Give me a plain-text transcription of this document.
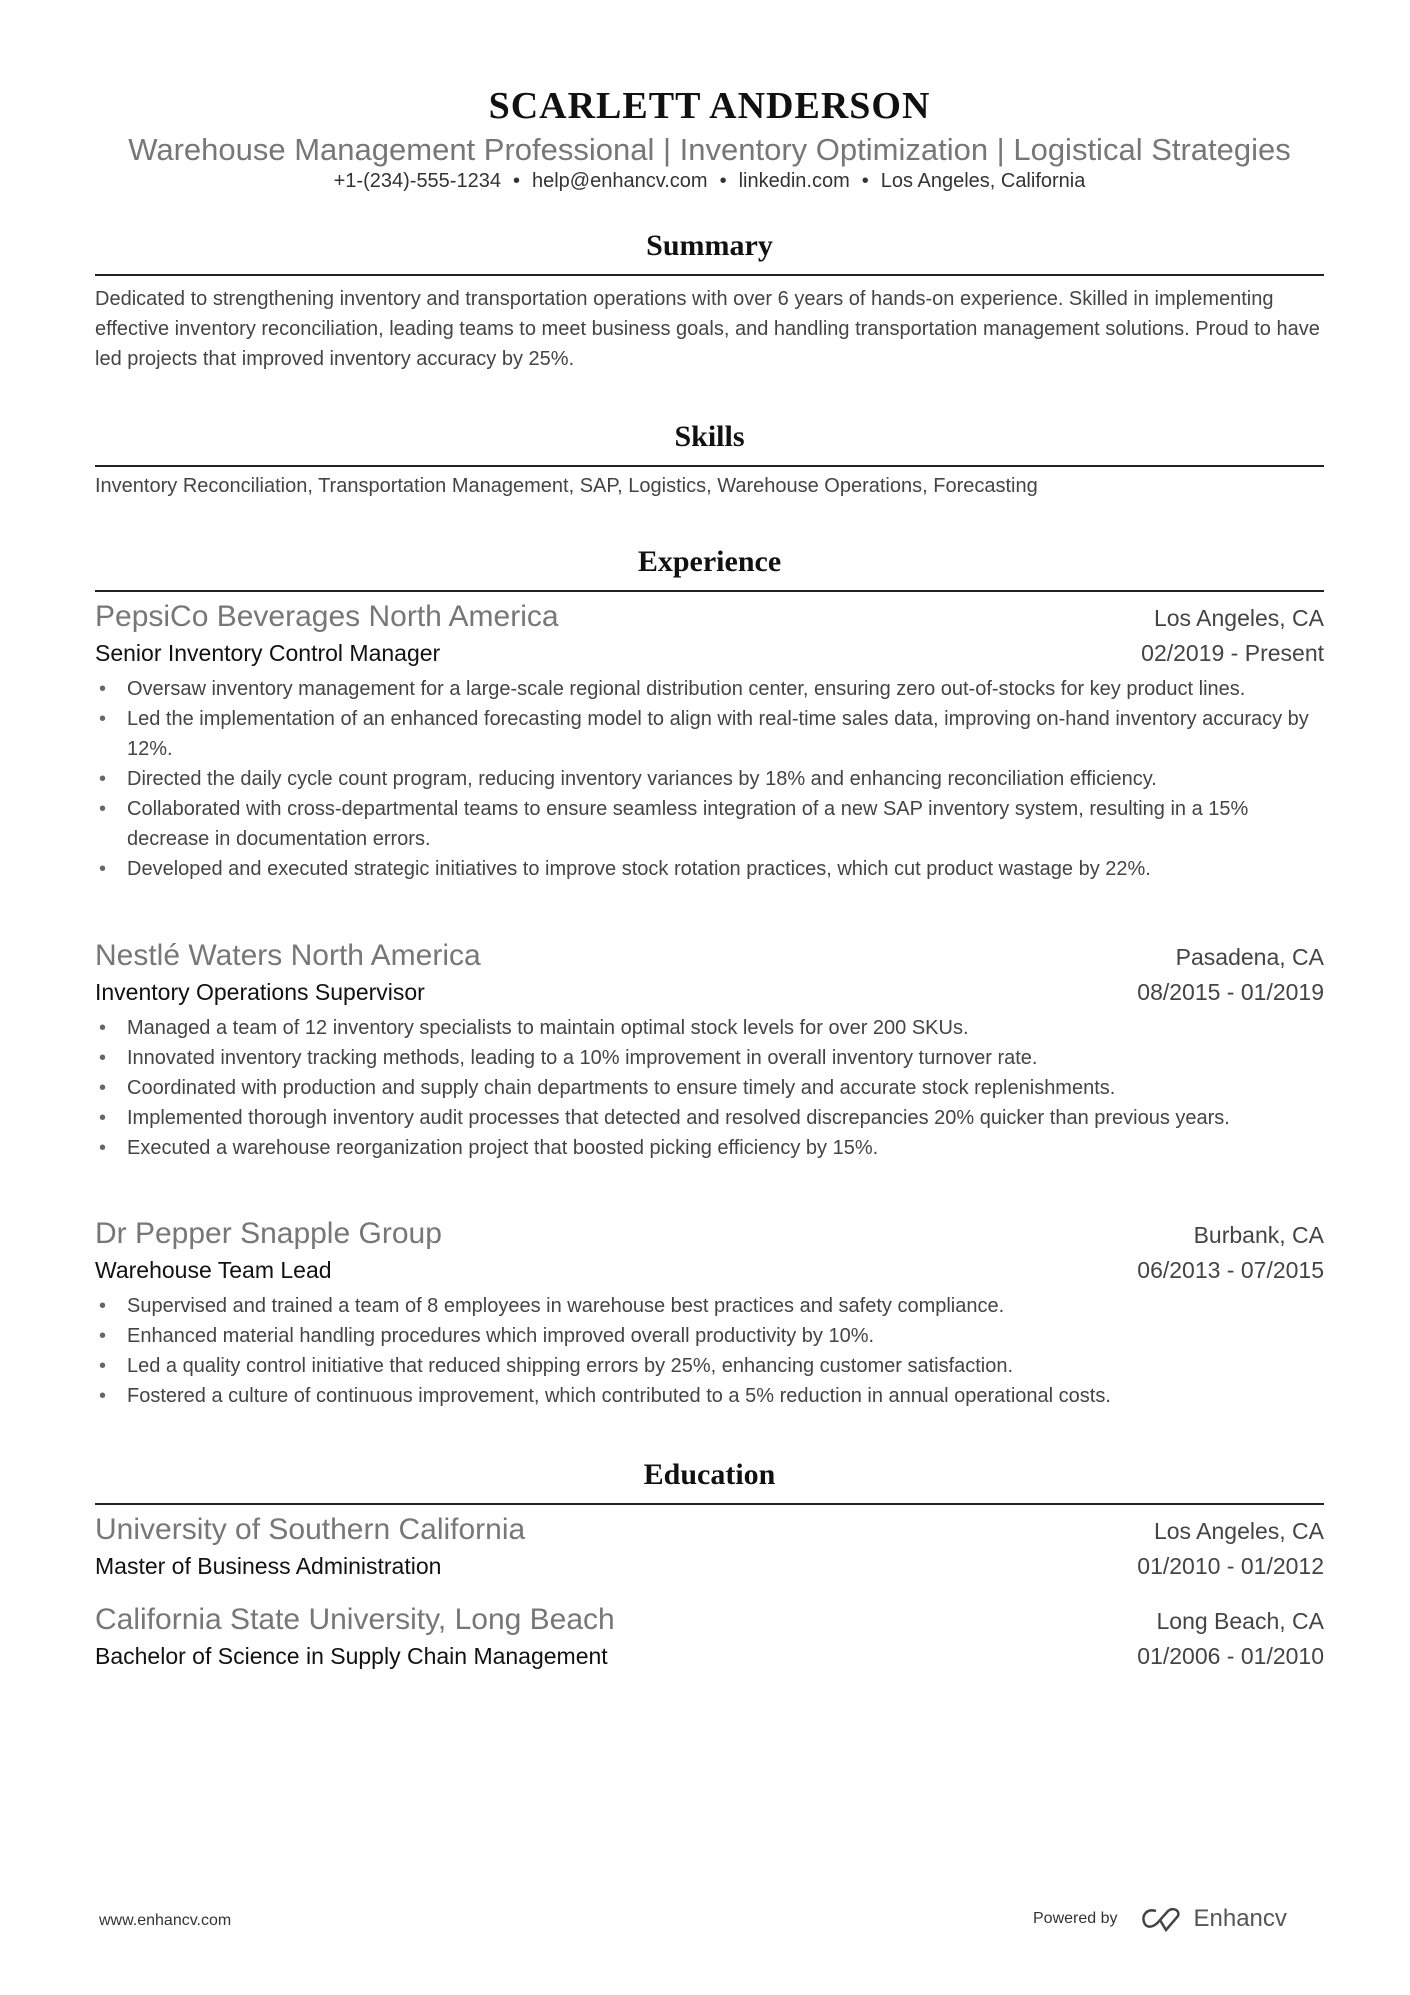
SCARLETT ANDERSON
Warehouse Management Professional | Inventory Optimization | Logistical Strategies
+1-(234)-555-1234 • help@enhancv.com • linkedin.com • Los Angeles, California
Summary
Dedicated to strengthening inventory and transportation operations with over 6 years of hands-on experience. Skilled in implementing effective inventory reconciliation, leading teams to meet business goals, and handling transportation management solutions. Proud to have led projects that improved inventory accuracy by 25%.
Skills
Inventory Reconciliation, Transportation Management, SAP, Logistics, Warehouse Operations, Forecasting
Experience
PepsiCo Beverages North America	Los Angeles, CA
Senior Inventory Control Manager	02/2019 - Present
• Oversaw inventory management for a large-scale regional distribution center, ensuring zero out-of-stocks for key product lines.
• Led the implementation of an enhanced forecasting model to align with real-time sales data, improving on-hand inventory accuracy by 12%.
• Directed the daily cycle count program, reducing inventory variances by 18% and enhancing reconciliation efficiency.
• Collaborated with cross-departmental teams to ensure seamless integration of a new SAP inventory system, resulting in a 15% decrease in documentation errors.
• Developed and executed strategic initiatives to improve stock rotation practices, which cut product wastage by 22%.
Nestlé Waters North America	Pasadena, CA
Inventory Operations Supervisor	08/2015 - 01/2019
• Managed a team of 12 inventory specialists to maintain optimal stock levels for over 200 SKUs.
• Innovated inventory tracking methods, leading to a 10% improvement in overall inventory turnover rate.
• Coordinated with production and supply chain departments to ensure timely and accurate stock replenishments.
• Implemented thorough inventory audit processes that detected and resolved discrepancies 20% quicker than previous years.
• Executed a warehouse reorganization project that boosted picking efficiency by 15%.
Dr Pepper Snapple Group	Burbank, CA
Warehouse Team Lead	06/2013 - 07/2015
• Supervised and trained a team of 8 employees in warehouse best practices and safety compliance.
• Enhanced material handling procedures which improved overall productivity by 10%.
• Led a quality control initiative that reduced shipping errors by 25%, enhancing customer satisfaction.
• Fostered a culture of continuous improvement, which contributed to a 5% reduction in annual operational costs.
Education
University of Southern California	Los Angeles, CA
Master of Business Administration	01/2010 - 01/2012
California State University, Long Beach	Long Beach, CA
Bachelor of Science in Supply Chain Management	01/2006 - 01/2010
www.enhancv.com	Powered by	Enhancv
